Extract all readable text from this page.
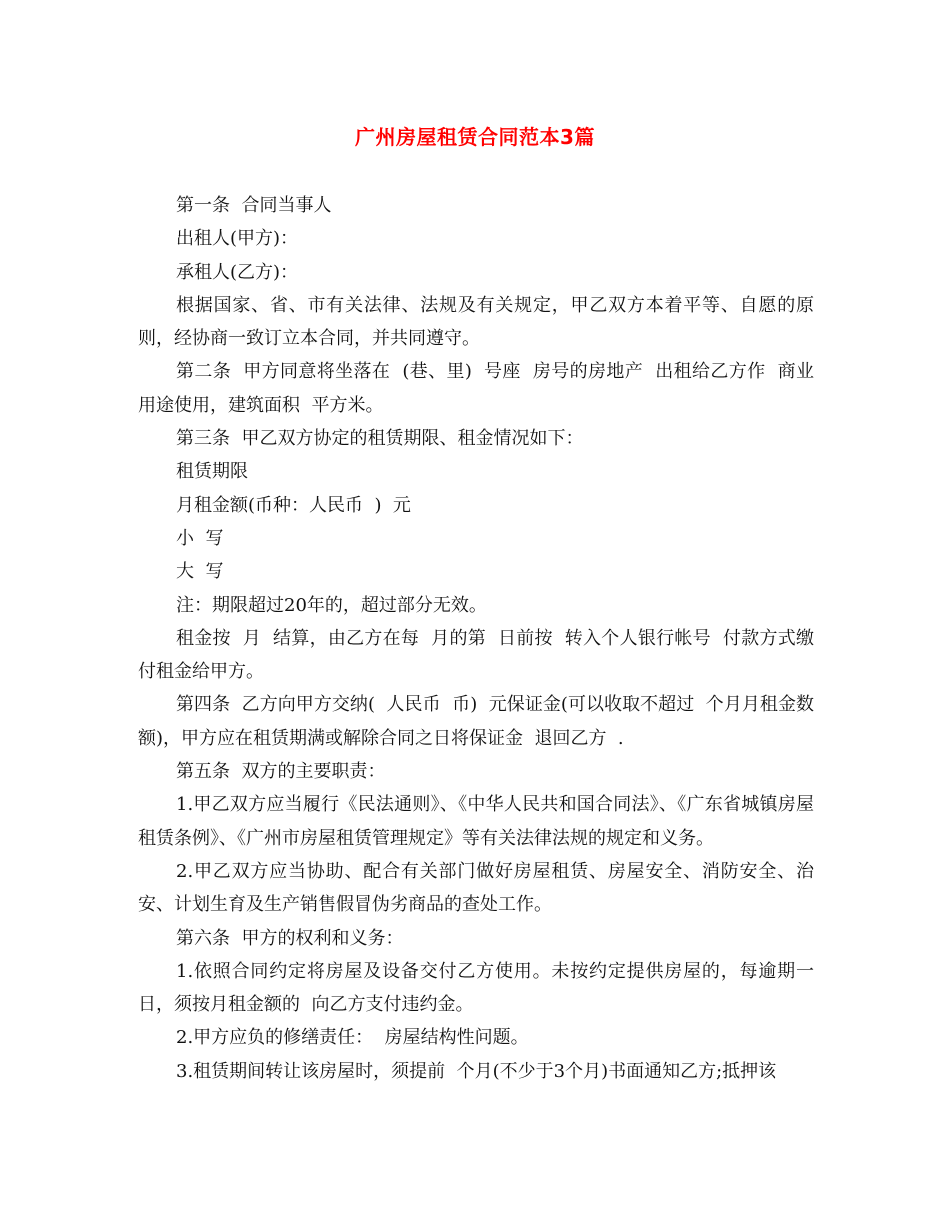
广州房屋租赁合同范本3篇

第一条  合同当事人

出租人(甲方)：

承租人(乙方)：

根据国家、省、市有关法律、法规及有关规定，甲乙双方本着平等、自愿的原则，经协商一致订立本合同，并共同遵守。

第二条  甲方同意将坐落在  (巷、里)  号座  房号的房地产  出租给乙方作  商业用途使用，建筑面积  平方米。

第三条  甲乙双方协定的租赁期限、租金情况如下：

租赁期限

月租金额(币种：人民币  )  元

小  写

大  写

注：期限超过20年的，超过部分无效。

租金按  月  结算，由乙方在每  月的第  日前按  转入个人银行帐号  付款方式缴付租金给甲方。

第四条  乙方向甲方交纳(  人民币  币)  元保证金(可以收取不超过  个月月租金数额)，甲方应在租赁期满或解除合同之日将保证金  退回乙方  .

第五条  双方的主要职责：

1.甲乙双方应当履行《民法通则》、《中华人民共和国合同法》、《广东省城镇房屋租赁条例》、《广州市房屋租赁管理规定》等有关法律法规的规定和义务。

2.甲乙双方应当协助、配合有关部门做好房屋租赁、房屋安全、消防安全、治安、计划生育及生产销售假冒伪劣商品的查处工作。

第六条  甲方的权利和义务：

1.依照合同约定将房屋及设备交付乙方使用。未按约定提供房屋的，每逾期一日，须按月租金额的  向乙方支付违约金。

2.甲方应负的修缮责任：  房屋结构性问题。

3.租赁期间转让该房屋时，须提前  个月(不少于3个月)书面通知乙方;抵押该
